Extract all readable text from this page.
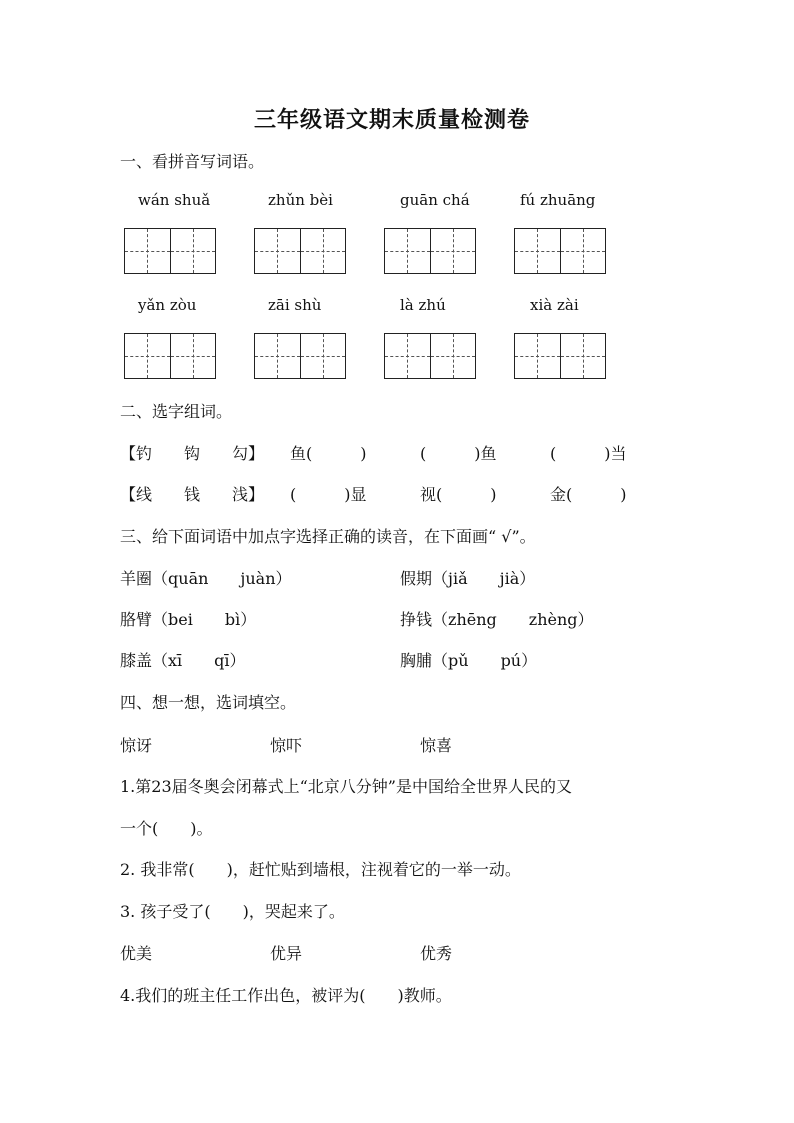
三年级语文期末质量检测卷
一、看拼音写词语。
wán shuǎ	zhǔn bèi	guān chá	fú zhuāng
yǎn zòu	zāi shù	là zhú	xià zài
二、选字组词。
【钓　　钩　　勾】 鱼(　　　)	(　　　)鱼	(　　　)当
【线　　钱　　浅】 (　　　)显	视(　　　)	金(　　　)
三、给下面词语中加点字选择正确的读音，在下面画“ √”。
羊圈（quān　　juàn）	假期（jiǎ　　jià）
胳臂（bei　　bì）	挣钱（zhēng　　zhèng）
膝盖（xī　　qī）	胸脯（pǔ　　pú）
四、想一想，选词填空。
惊讶	惊吓	惊喜
1.第23届冬奥会闭幕式上“北京八分钟”是中国给全世界人民的又
一个(　　)。
2. 我非常(　　)，赶忙贴到墙根，注视着它的一举一动。
3. 孩子受了(　　)，哭起来了。
优美	优异	优秀
4.我们的班主任工作出色，被评为(　　)教师。
